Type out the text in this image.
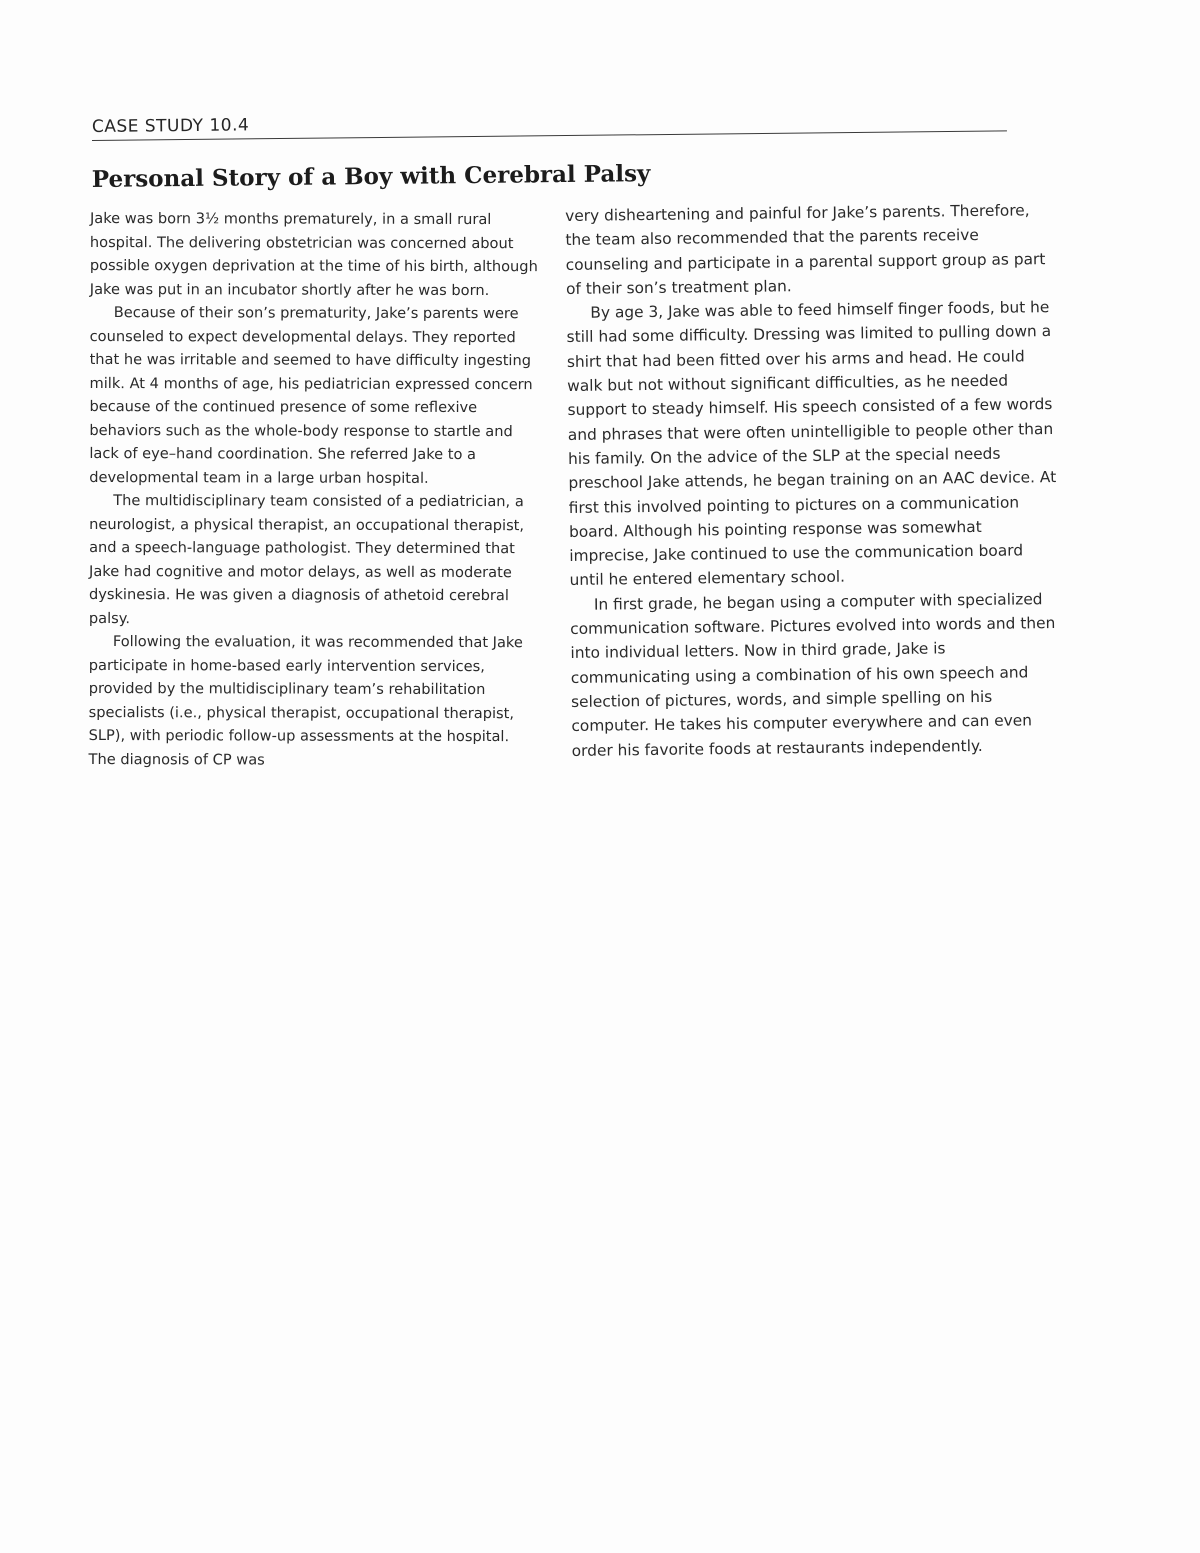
CASE STUDY 10.4
Personal Story of a Boy with Cerebral Palsy

Jake was born 3½ months prematurely, in a small rural hospital. The delivering obstetrician was concerned about possible oxygen deprivation at the time of his birth, although Jake was put in an incubator shortly after he was born.

Because of their son’s prematurity, Jake’s parents were counseled to expect developmental delays. They reported that he was irritable and seemed to have difficulty ingesting milk. At 4 months of age, his pediatrician expressed concern because of the continued presence of some reflexive behaviors such as the whole-body response to startle and lack of eye–hand coordination. She referred Jake to a developmental team in a large urban hospital.

The multidisciplinary team consisted of a pediatrician, a neurologist, a physical therapist, an occupational therapist, and a speech-language pathologist. They determined that Jake had cognitive and motor delays, as well as moderate dyskinesia. He was given a diagnosis of athetoid cerebral palsy.

Following the evaluation, it was recommended that Jake participate in home-based early intervention services, provided by the multidisciplinary team’s rehabilitation specialists (i.e., physical therapist, occupational therapist, SLP), with periodic follow-up assessments at the hospital. The diagnosis of CP was

very disheartening and painful for Jake’s parents. Therefore, the team also recommended that the parents receive counseling and participate in a parental support group as part of their son’s treatment plan.

By age 3, Jake was able to feed himself finger foods, but he still had some difficulty. Dressing was limited to pulling down a shirt that had been fitted over his arms and head. He could walk but not without significant difficulties, as he needed support to steady himself. His speech consisted of a few words and phrases that were often unintelligible to people other than his family. On the advice of the SLP at the special needs preschool Jake attends, he began training on an AAC device. At first this involved pointing to pictures on a communication board. Although his pointing response was somewhat imprecise, Jake continued to use the communication board until he entered elementary school.

In first grade, he began using a computer with specialized communication software. Pictures evolved into words and then into individual letters. Now in third grade, Jake is communicating using a combination of his own speech and selection of pictures, words, and simple spelling on his computer. He takes his computer everywhere and can even order his favorite foods at restaurants independently.
